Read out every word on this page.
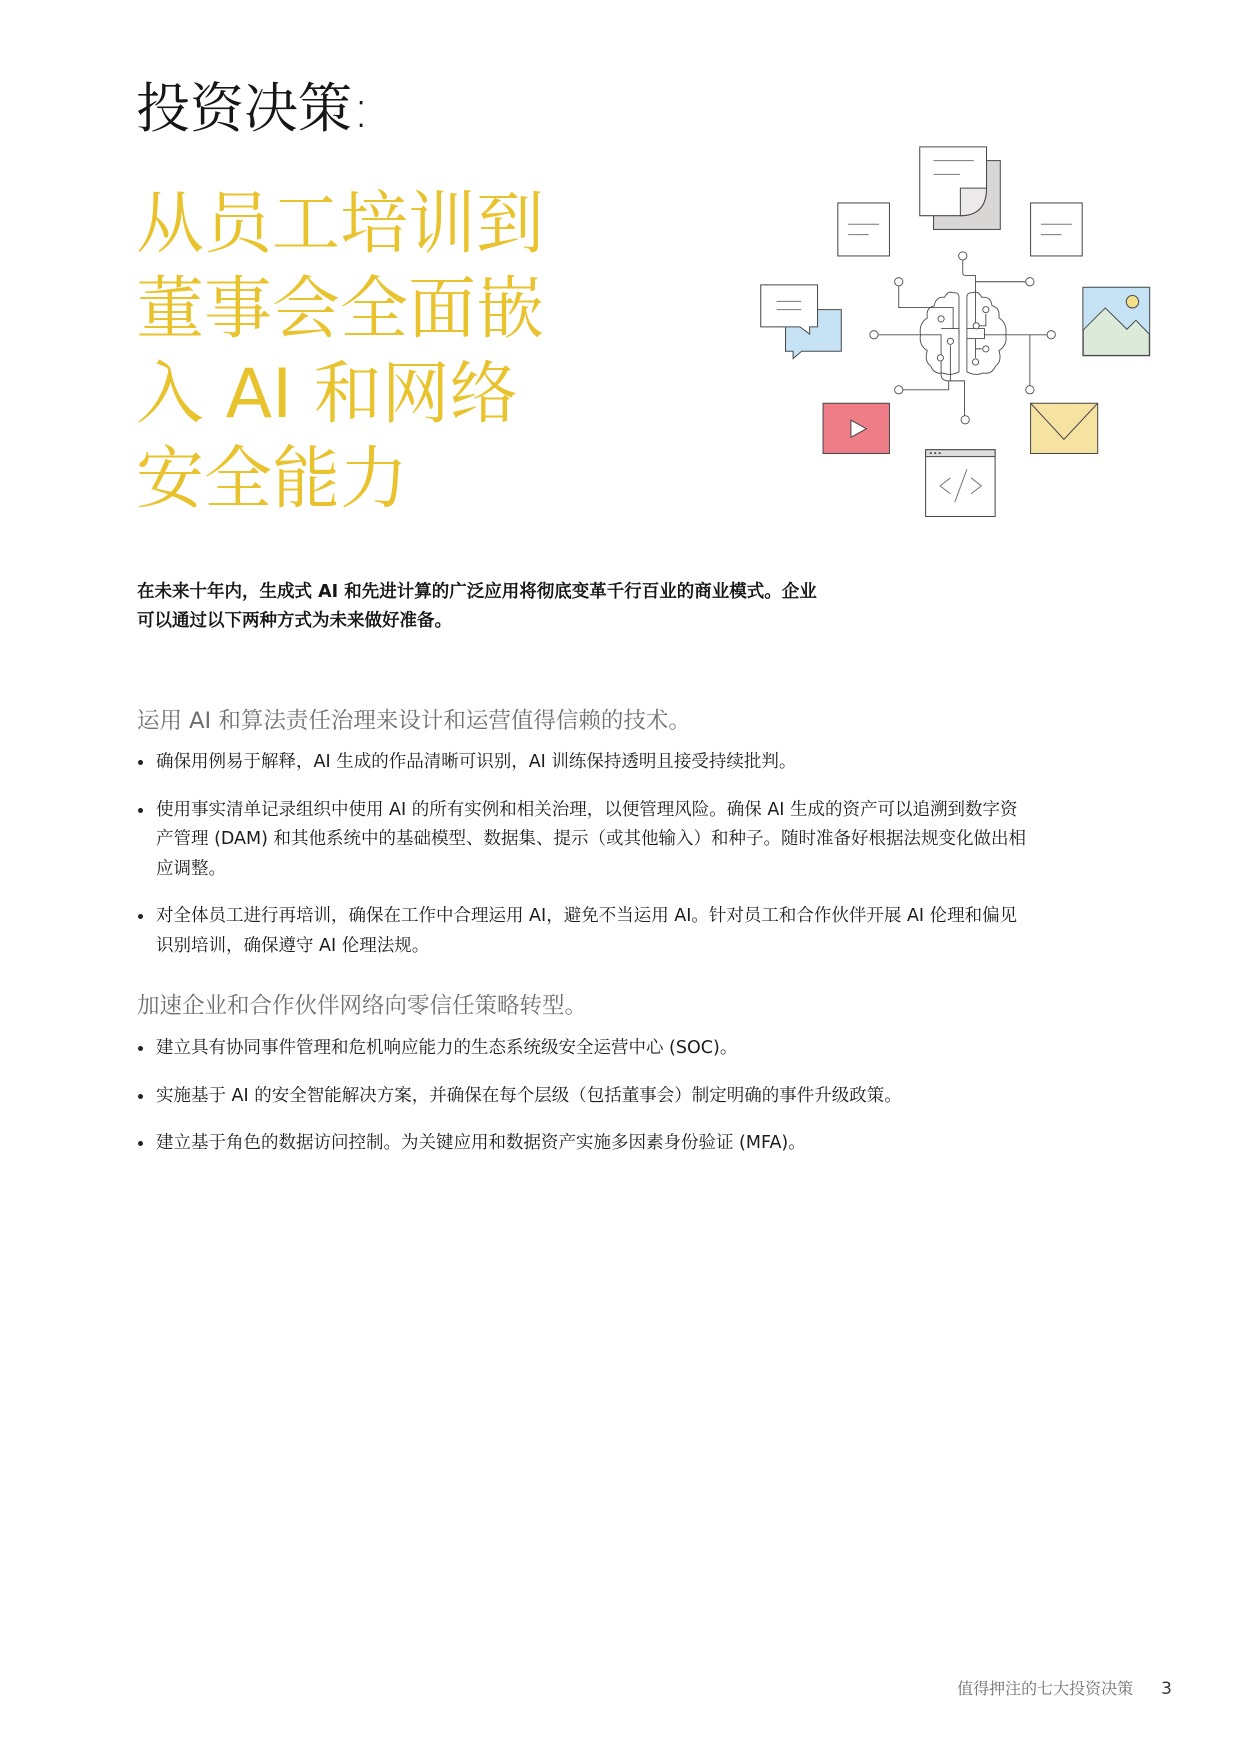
投资决策:
从员工培训到
董事会全面嵌
入 AI 和网络
安全能力
在未来十年内，生成式 AI 和先进计算的广泛应用将彻底变革千行百业的商业模式。企业可以通过以下两种方式为未来做好准备。
运用 AI 和算法责任治理来设计和运营值得信赖的技术。
确保用例易于解释，AI 生成的作品清晰可识别，AI 训练保持透明且接受持续批判。
使用事实清单记录组织中使用 AI 的所有实例和相关治理，以便管理风险。确保 AI 生成的资产可以追溯到数字资产管理 (DAM) 和其他系统中的基础模型、数据集、提示（或其他输入）和种子。随时准备好根据法规变化做出相应调整。
对全体员工进行再培训，确保在工作中合理运用 AI，避免不当运用 AI。针对员工和合作伙伴开展 AI 伦理和偏见识别培训，确保遵守 AI 伦理法规。
加速企业和合作伙伴网络向零信任策略转型。
建立具有协同事件管理和危机响应能力的生态系统级安全运营中心 (SOC)。
实施基于 AI 的安全智能解决方案，并确保在每个层级（包括董事会）制定明确的事件升级政策。
建立基于角色的数据访问控制。为关键应用和数据资产实施多因素身份验证 (MFA)。
值得押注的七大投资决策 3
